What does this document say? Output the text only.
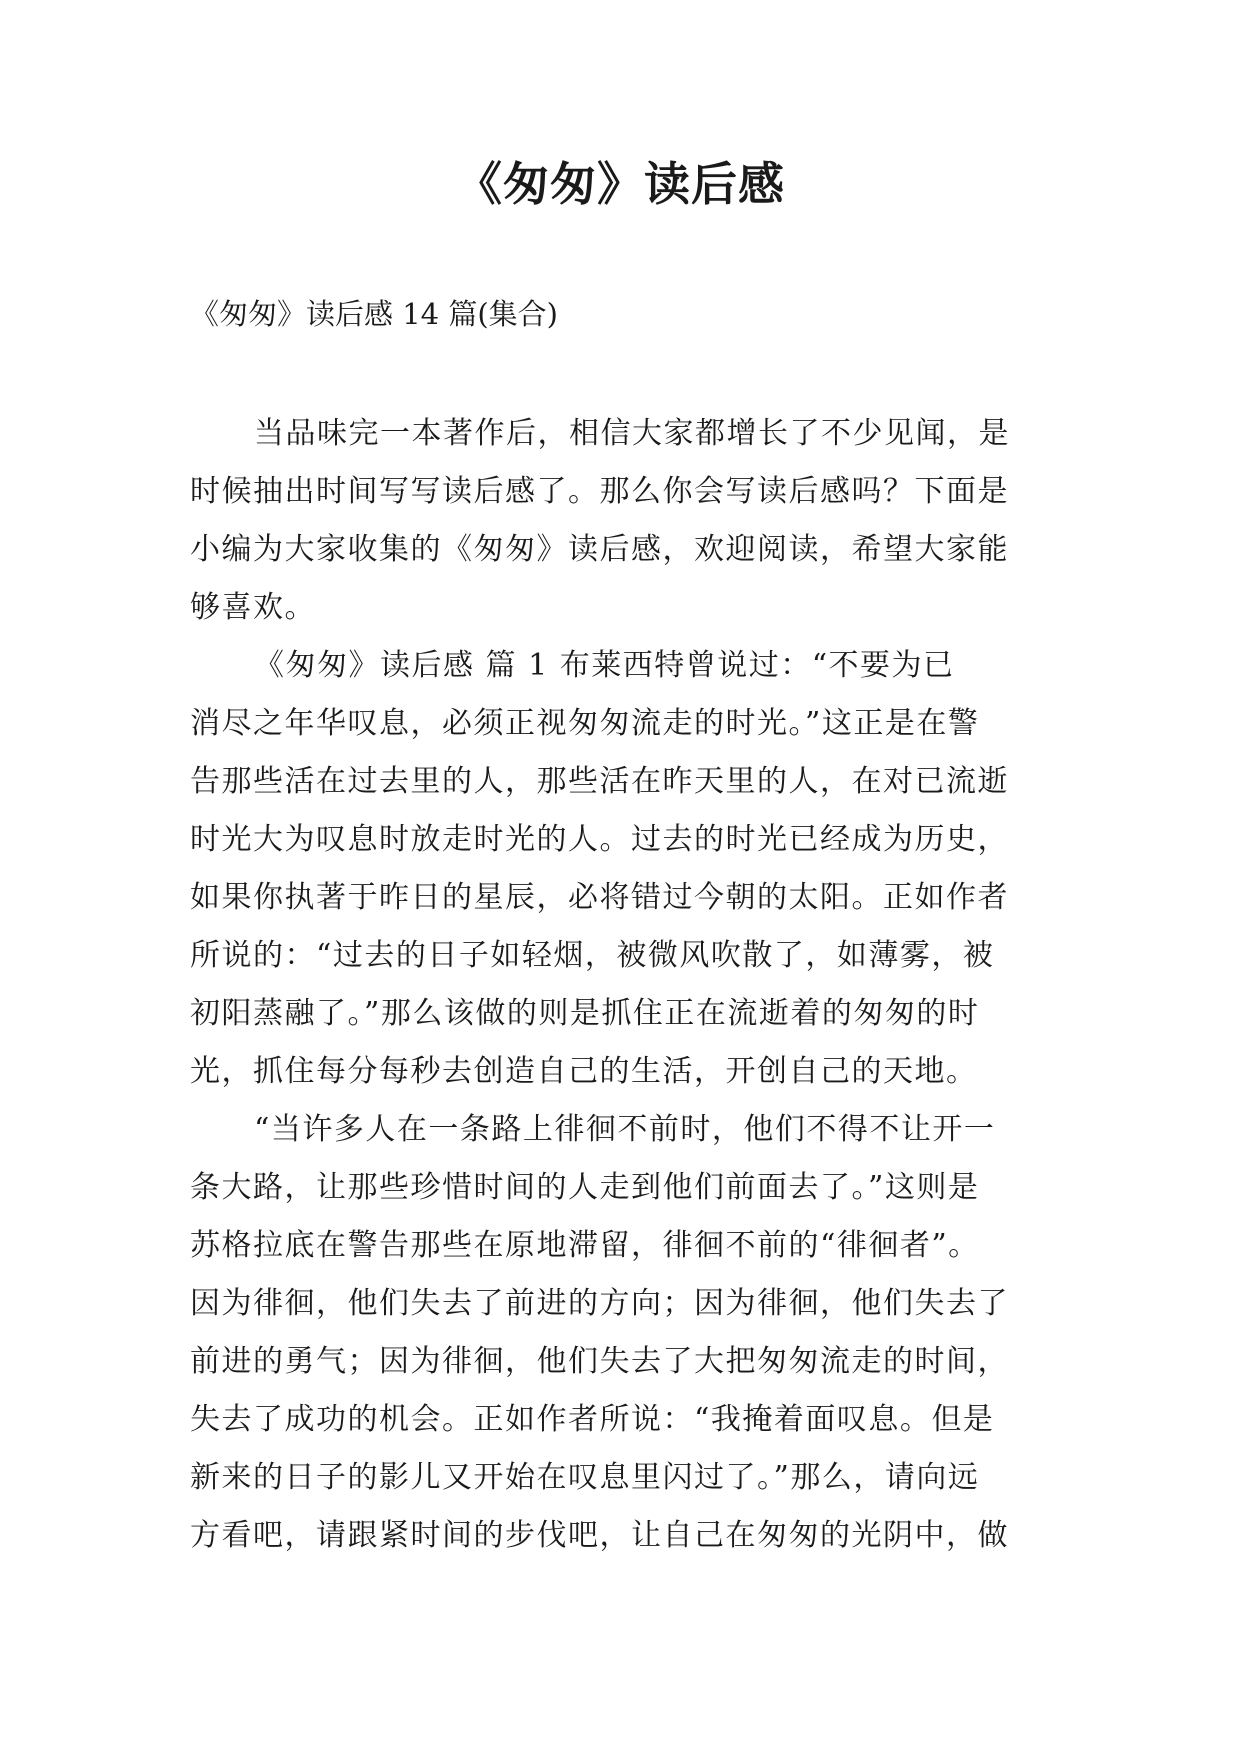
《匆匆》读后感

《匆匆》读后感 14 篇(集合)

当品味完一本著作后，相信大家都增长了不少见闻，是
时候抽出时间写写读后感了。那么你会写读后感吗？下面是
小编为大家收集的《匆匆》读后感，欢迎阅读，希望大家能
够喜欢。
《匆匆》读后感 篇 1 布莱西特曾说过：“不要为已
消尽之年华叹息，必须正视匆匆流走的时光。”这正是在警
告那些活在过去里的人，那些活在昨天里的人，在对已流逝
时光大为叹息时放走时光的人。过去的时光已经成为历史，
如果你执著于昨日的星辰，必将错过今朝的太阳。正如作者
所说的：“过去的日子如轻烟，被微风吹散了，如薄雾，被
初阳蒸融了。”那么该做的则是抓住正在流逝着的匆匆的时
光，抓住每分每秒去创造自己的生活，开创自己的天地。
“当许多人在一条路上徘徊不前时，他们不得不让开一
条大路，让那些珍惜时间的人走到他们前面去了。”这则是
苏格拉底在警告那些在原地滞留，徘徊不前的“徘徊者”。
因为徘徊，他们失去了前进的方向；因为徘徊，他们失去了
前进的勇气；因为徘徊，他们失去了大把匆匆流走的时间，
失去了成功的机会。正如作者所说：“我掩着面叹息。但是
新来的日子的影儿又开始在叹息里闪过了。”那么，请向远
方看吧，请跟紧时间的步伐吧，让自己在匆匆的光阴中，做
